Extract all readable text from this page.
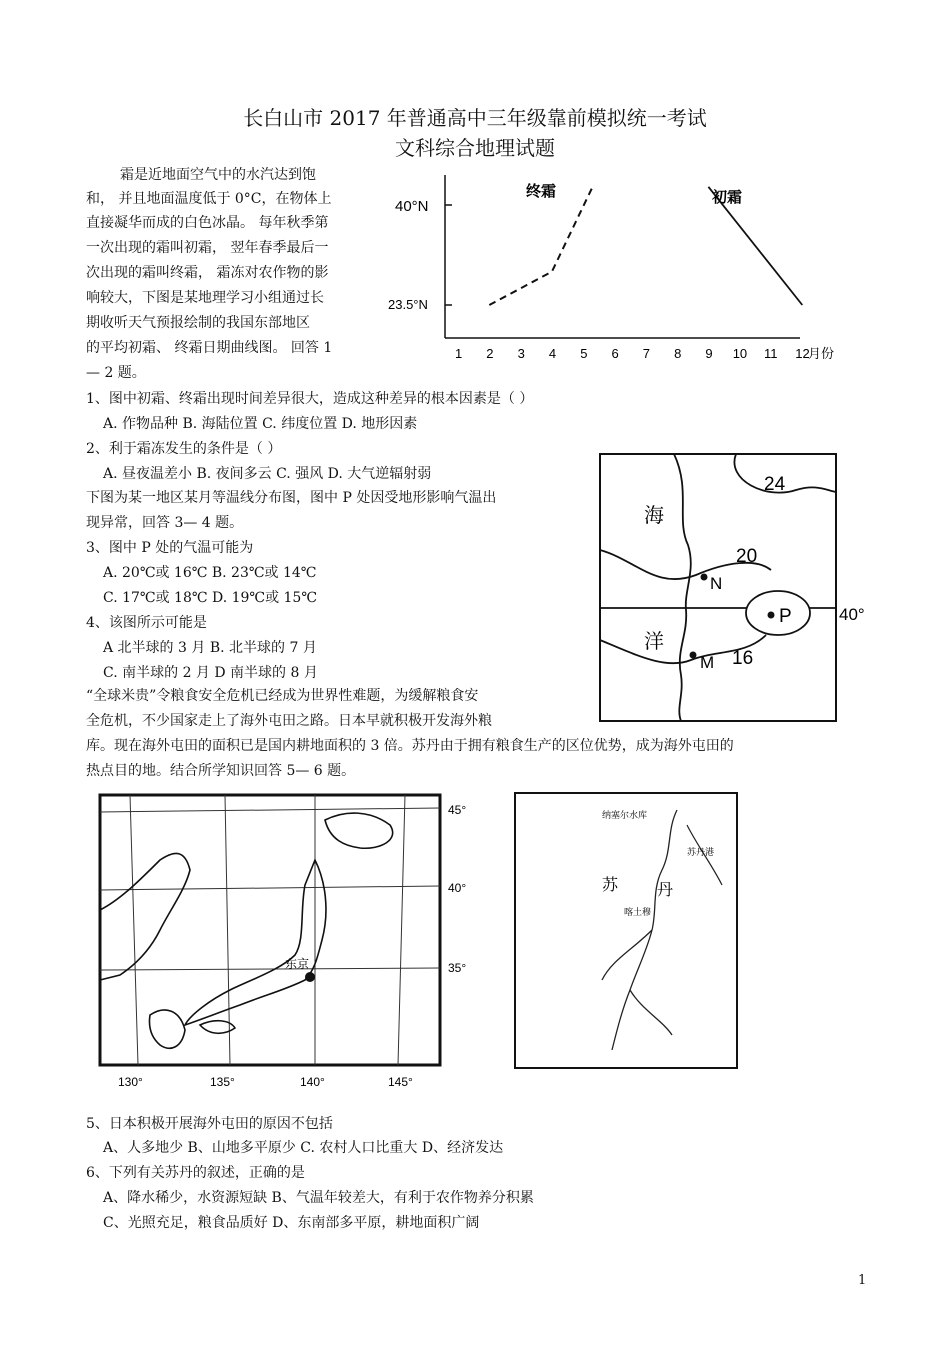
长白山市 2017 年普通高中三年级靠前模拟统一考试
文科综合地理试题
霜是近地面空气中的水汽达到饱
和， 并且地面温度低于 0°C，在物体上
直接凝华而成的白色冰晶。 每年秋季第
一次出现的霜叫初霜， 翌年春季最后一
次出现的霜叫终霜， 霜冻对农作物的影
响较大，下图是某地理学习小组通过长
期收听天气预报绘制的我国东部地区
的平均初霜、 终霜日期曲线图。 回答 1
— 2 题。
40°N
23.5°N
1 2 3 4 5 6 7 8 9 10 11 12
月份
终霜	初霜
1、图中初霜、终霜出现时间差异很大，造成这种差异的根本因素是（ ）
A. 作物品种 B. 海陆位置 C. 纬度位置 D. 地形因素
2、利于霜冻发生的条件是（ ）
A. 昼夜温差小 B. 夜间多云 C. 强风 D. 大气逆辐射弱
下图为某一地区某月等温线分布图，图中 P 处因受地形影响气温出
现异常，回答 3— 4 题。	海
洋
24
20
16
N
M
P	40°
3、图中 P 处的气温可能为
A. 20℃或 16℃ B. 23℃或 14℃
C. 17℃或 18℃ D. 19℃或 15℃
4、该图所示可能是
A 北半球的 3 月 B. 北半球的 7 月
C. 南半球的 2 月 D 南半球的 8 月
“全球米贵”令粮食安全危机已经成为世界性难题，为缓解粮食安
全危机，不少国家走上了海外屯田之路。日本早就积极开发海外粮
库。现在海外屯田的面积已是国内耕地面积的 3 倍。苏丹由于拥有粮食生产的区位优势，成为海外屯田的
热点目的地。结合所学知识回答 5— 6 题。
东京
45°
40°
35°
130°	135°	140°	145°
纳塞尔水库
苏丹港
喀土穆
苏 丹
5、日本积极开展海外屯田的原因不包括
A、人多地少 B、山地多平原少 C. 农村人口比重大 D、经济发达
6、下列有关苏丹的叙述，正确的是
A、降水稀少，水资源短缺 B、气温年较差大，有利于农作物养分积累
C、光照充足，粮食品质好 D、东南部多平原，耕地面积广阔
1
